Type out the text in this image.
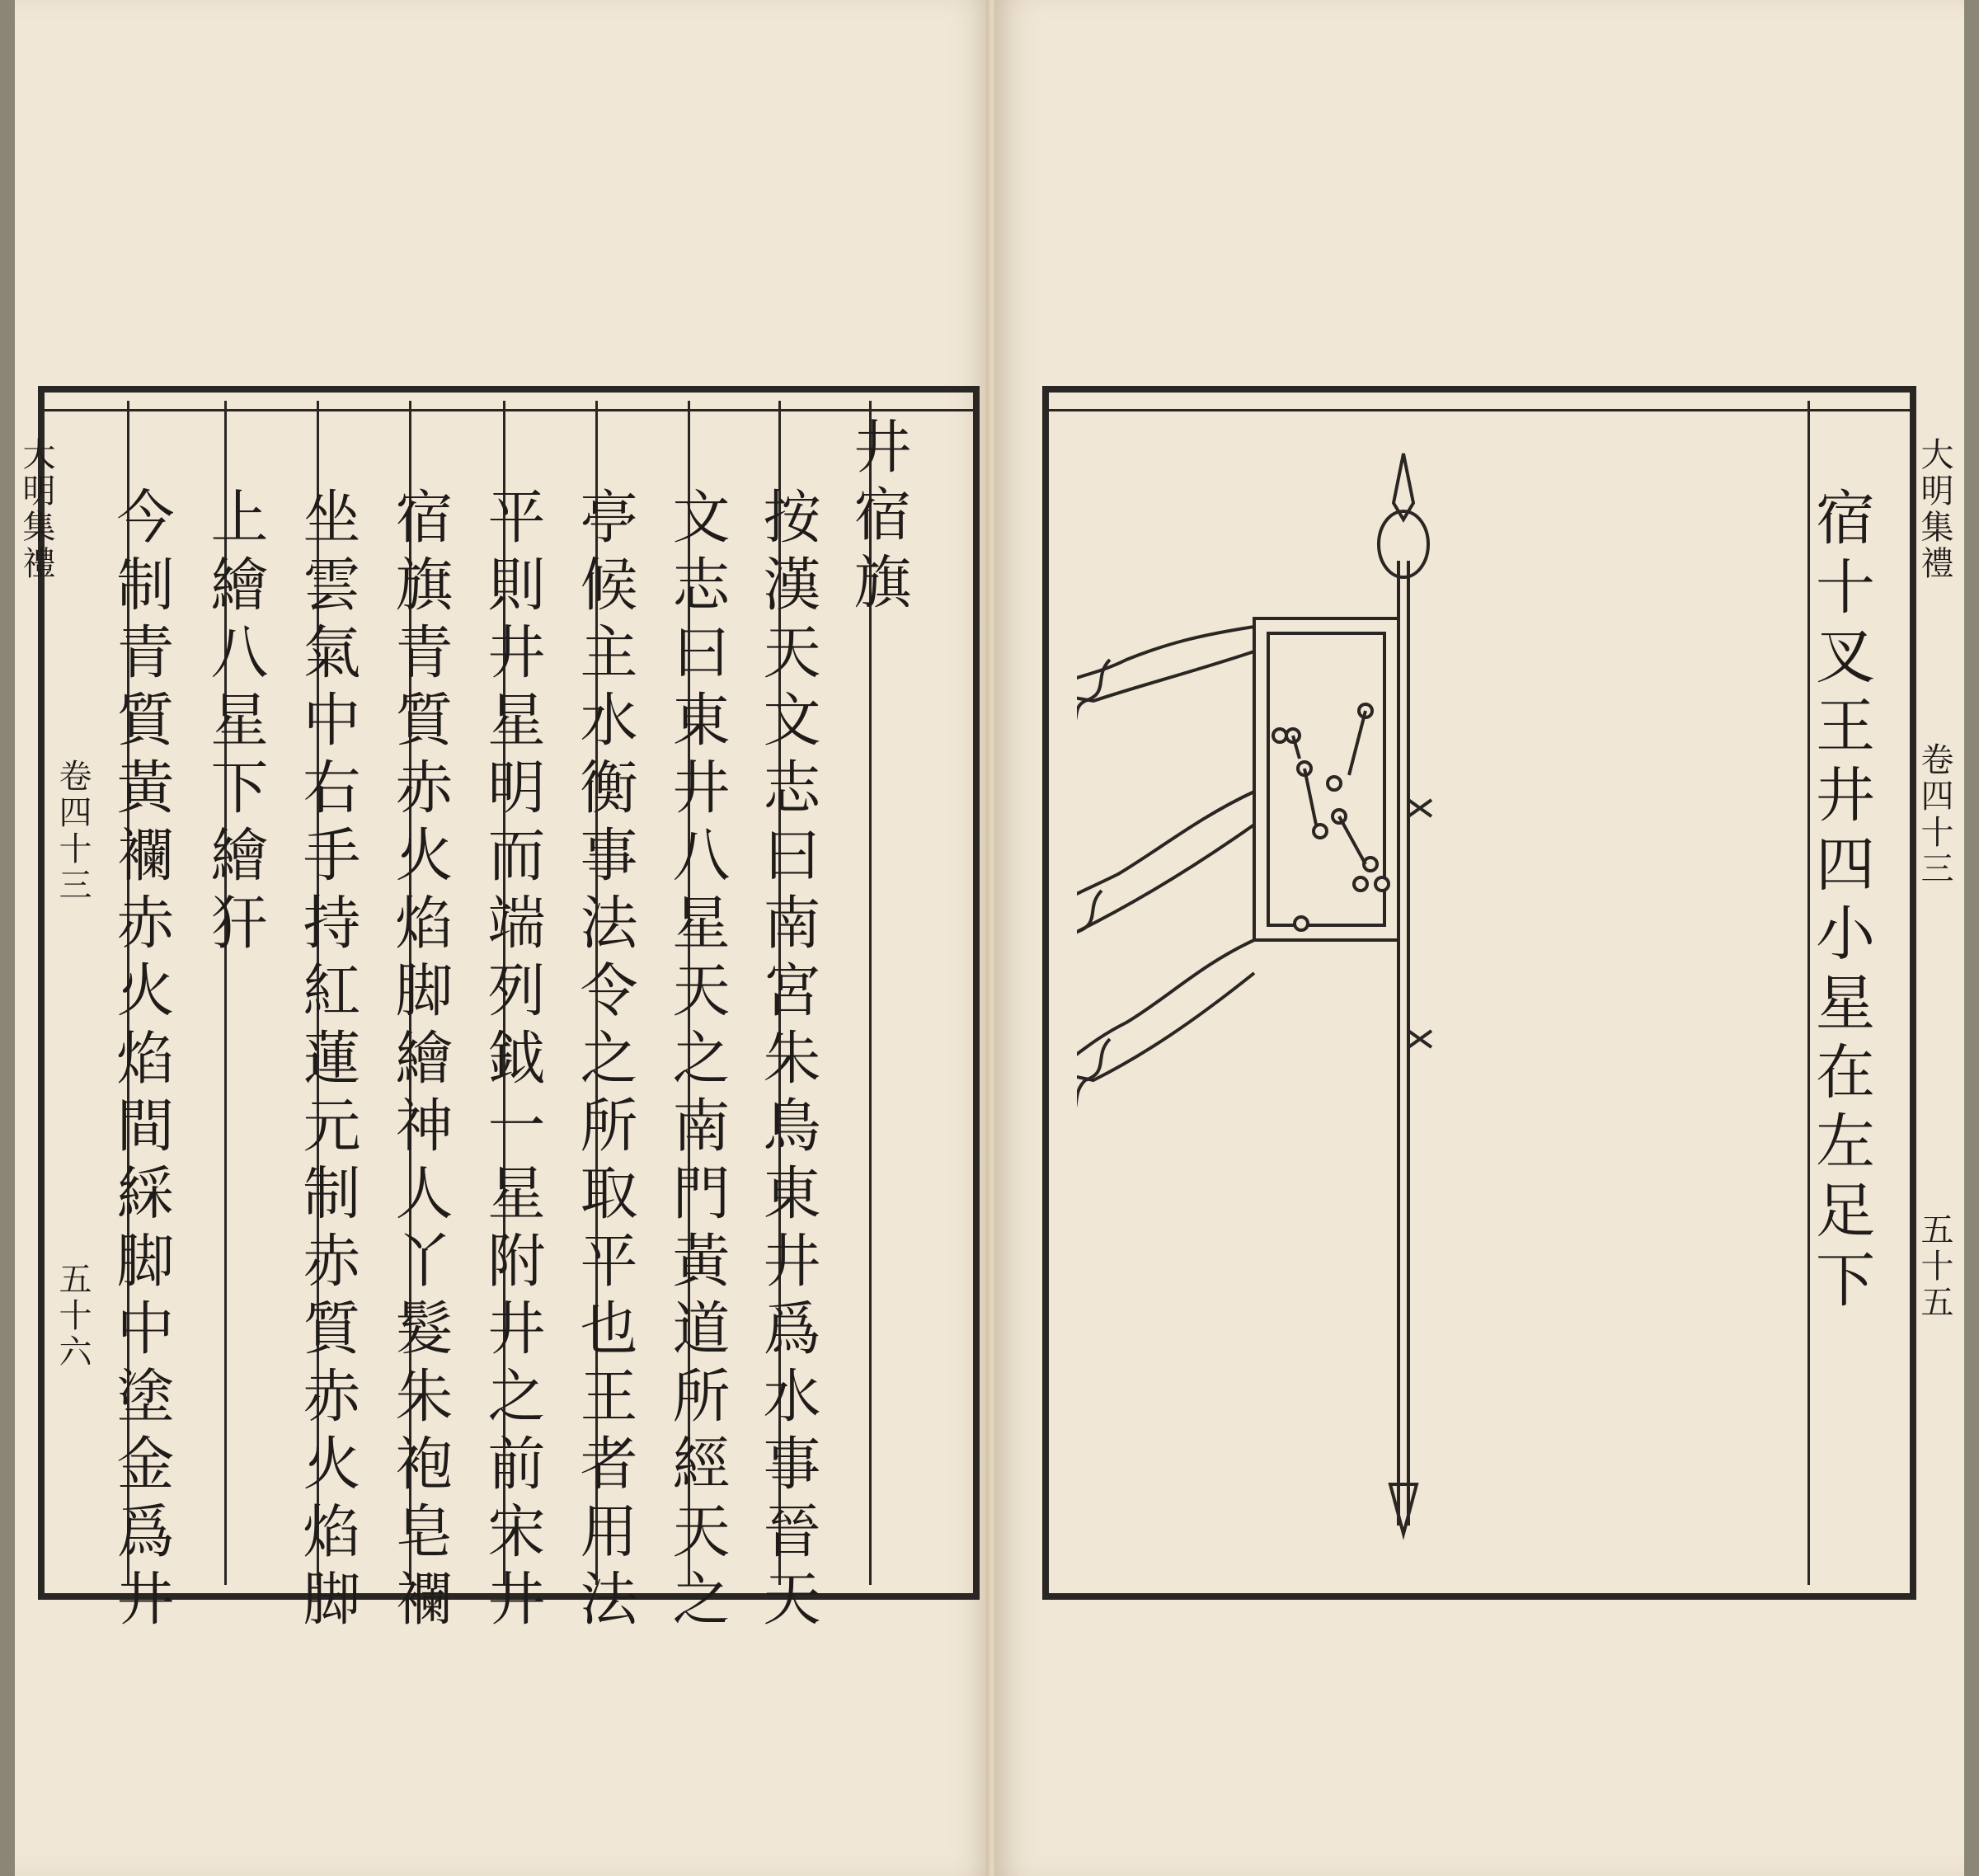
大明集禮
卷四十三
五十六
井宿旗
按漢天文志曰南宮朱鳥東井爲水事晉天
文志曰東井八星天之南門黃道所經天之
亭候主水衡事法令之所取平也王者用法
平則井星明而端列鉞一星附井之前宋井
宿旗青質赤火焰脚繪神人丫髮朱袍皂襴
坐雲氣中右手持紅蓮元制赤質赤火焰脚
上繪八星下繪犴
今制青質黃襴赤火焰間綵脚中塗金爲井
　　　　　　　　	宿十叉王井四小星在左足下 大明集禮
卷四十三
五十五
